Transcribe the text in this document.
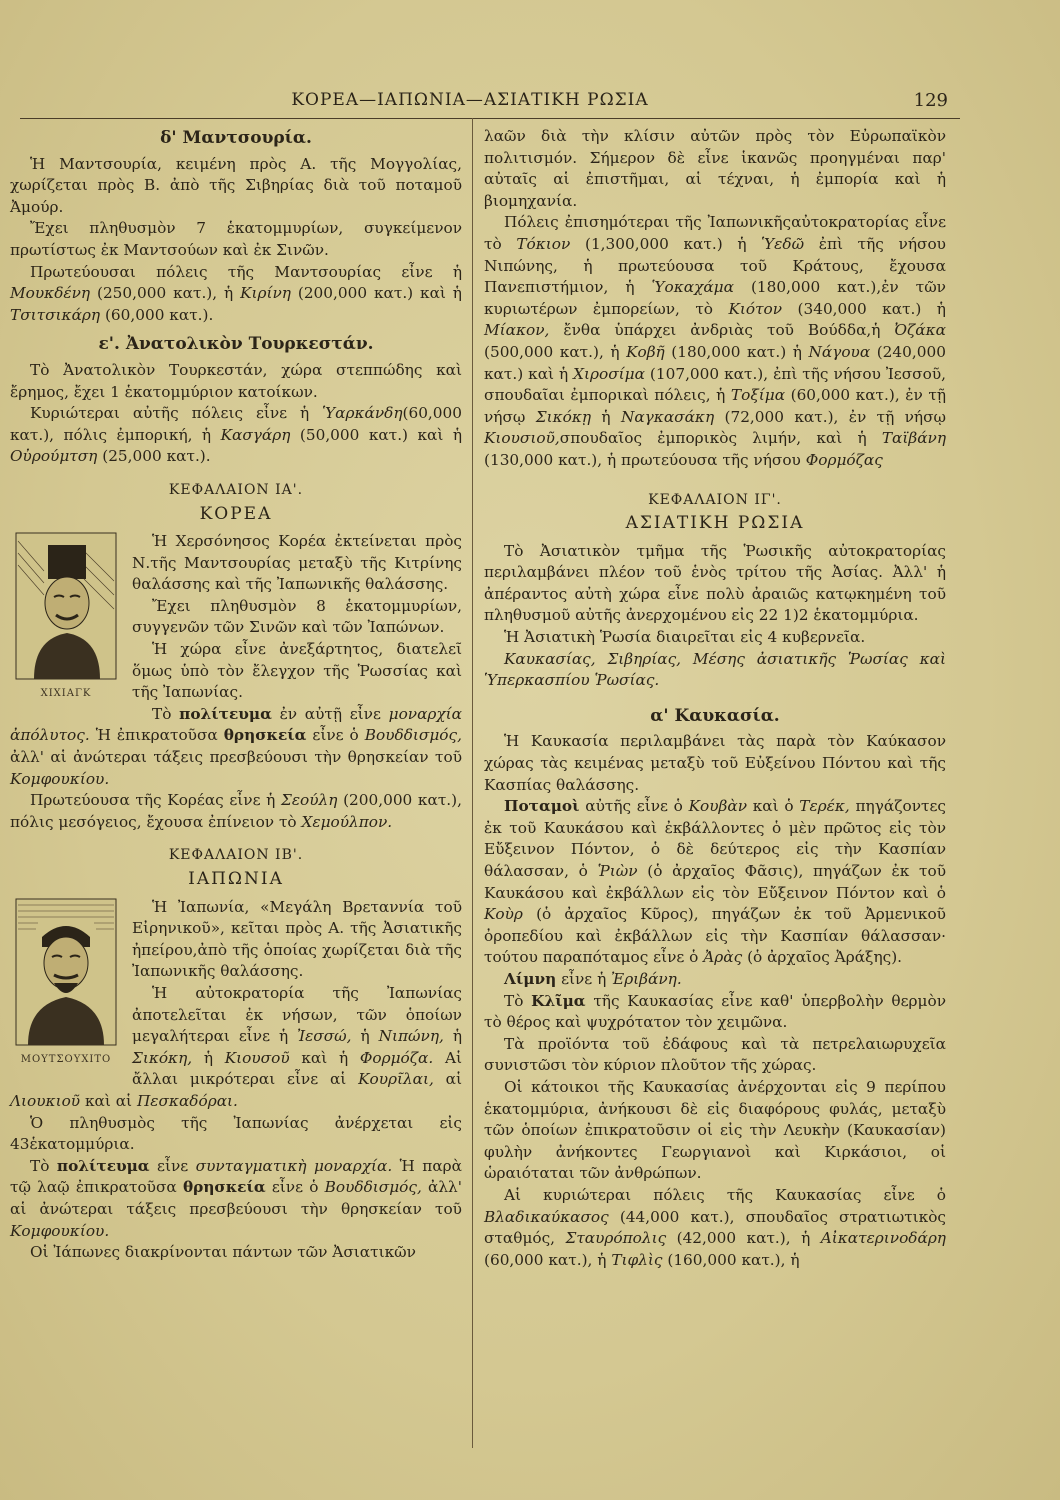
ΚΟΡΕΑ—ΙΑΠΩΝΙΑ—ΑΣΙΑΤΙΚΗ ΡΩΣΙΑ	129
δ' Μαντσουρία.

Ἡ Μαντσουρία, κειμένη πρὸς Α. τῆς Μογγολίας, χωρίζεται πρὸς Β. ἀπὸ τῆς Σιβηρίας διὰ τοῦ ποταμοῦ Ἀμούρ.

Ἔχει πληθυσμὸν 7 ἑκατομμυρίων, συγκείμενον πρωτίστως ἐκ Μαντσούων καὶ ἐκ Σινῶν.

Πρωτεύουσαι πόλεις τῆς Μαντσουρίας εἶνε ἡ Μουκδένη (250,000 κατ.), ἡ Κιρίνη (200,000 κατ.) καὶ ἡ Τσιτσικάρη (60,000 κατ.).

ε'. Ἀνατολικὸν Τουρκεστάν.

Τὸ Ἀνατολικὸν Τουρκεστάν, χώρα στεππώδης καὶ ἔρημος, ἔχει 1 ἑκατομμύριον κατοίκων.

Κυριώτεραι αὐτῆς πόλεις εἶνε ἡ Ὑαρκάνδη(60,000 κατ.), πόλις ἐμπορική, ἡ Κασγάρη (50,000 κατ.) καὶ ἡ Οὐρούμτση (25,000 κατ.).

ΚΕΦΑΛΑΙΟΝ ΙΑ'.
ΚΟΡΕΑ
ΧΙΧΙΑΓΚ

Ἡ Χερσόνησος Κορέα ἐκτείνεται πρὸς Ν.τῆς Μαντσουρίας μεταξὺ τῆς Κιτρίνης θαλάσσης καὶ τῆς Ἰαπωνικῆς θαλάσσης.

Ἔχει πληθυσμὸν 8 ἑκατομμυρίων, συγγενῶν τῶν Σινῶν καὶ τῶν Ἰαπώνων.

Ἡ χώρα εἶνε ἀνεξάρτητος, διατελεῖ ὅμως ὑπὸ τὸν ἔλεγχον τῆς Ῥωσσίας καὶ τῆς Ἰαπωνίας.

Τὸ πολίτευμα ἐν αὐτῇ εἶνε μοναρχία ἀπόλυτος. Ἡ ἐπικρατοῦσα θρησκεία εἶνε ὁ Βουδδισμός, ἀλλ' αἱ ἀνώτεραι τάξεις πρεσβεύουσι τὴν θρησκείαν τοῦ Κομφουκίου.

Πρωτεύουσα τῆς Κορέας εἶνε ἡ Σεούλη (200,000 κατ.), πόλις μεσόγειος, ἔχουσα ἐπίνειον τὸ Χεμούλπον.

ΚΕΦΑΛΑΙΟΝ ΙΒ'.
ΙΑΠΩΝΙΑ
ΜΟΥΤΣΟΥΧΙΤΟ

Ἡ Ἰαπωνία, «Μεγάλη Βρεταννία τοῦ Εἰρηνικοῦ», κεῖται πρὸς Α. τῆς Ἀσιατικῆς ἠπείρου,ἀπὸ τῆς ὁποίας χωρίζεται διὰ τῆς Ἰαπωνικῆς θαλάσσης.

Ἡ αὐτοκρατορία τῆς Ἰαπωνίας ἀποτελεῖται ἐκ νήσων, τῶν ὁποίων μεγαλήτεραι εἶνε ἡ Ἰεσσώ, ἡ Νιπώνη, ἡ Σικόκη, ἡ Κιουσοῦ καὶ ἡ Φορμόζα. Αἱ ἄλλαι μικρότεραι εἶνε αἱ Κουρῖλαι, αἱ Λιουκιοῦ καὶ αἱ Πεσκαδόραι.

Ὁ πληθυσμὸς τῆς Ἰαπωνίας ἀνέρχεται εἰς 43ἑκατομμύρια.

Τὸ πολίτευμα εἶνε συνταγματικὴ μοναρχία. Ἡ παρὰ τῷ λαῷ ἐπικρατοῦσα θρησκεία εἶνε ὁ Βουδδισμός, ἀλλ' αἱ ἀνώτεραι τάξεις πρεσβεύουσι τὴν θρησκείαν τοῦ Κομφουκίου.

Οἱ Ἰάπωνες διακρίνονται πάντων τῶν Ἀσιατικῶν

λαῶν διὰ τὴν κλίσιν αὐτῶν πρὸς τὸν Εὐρωπαϊκὸν πολιτισμόν. Σήμερον δὲ εἶνε ἱκανῶς προηγμέναι παρ' αὐταῖς αἱ ἐπιστῆμαι, αἱ τέχναι, ἡ ἐμπορία καὶ ἡ βιομηχανία.

Πόλεις ἐπισημότεραι τῆς Ἰαπωνικῆςαὐτοκρατορίας εἶνε τὸ Τόκιον (1,300,000 κατ.) ἡ Ὑεδῶ ἐπὶ τῆς νήσου Νιπώνης, ἡ πρωτεύουσα τοῦ Κράτους, ἔχουσα Πανεπιστήμιον, ἡ Ὑοκαχάμα (180,000 κατ.),ἐν τῶν κυριωτέρων ἐμπορείων, τὸ Κιότον (340,000 κατ.) ἡ Μίακον, ἔνθα ὑπάρχει ἀνδριὰς τοῦ Βούδδα,ἡ Ὀζάκα (500,000 κατ.), ἡ Κοβῆ (180,000 κατ.) ἡ Νάγουα (240,000 κατ.) καὶ ἡ Χιροσίμα (107,000 κατ.), ἐπὶ τῆς νήσου Ἰεσσοῦ, σπουδαῖαι ἐμπορικαὶ πόλεις, ἡ Τοξίμα (60,000 κατ.), ἐν τῇ νήσῳ Σικόκῃ ἡ Ναγκασάκη (72,000 κατ.), ἐν τῇ νήσῳ Κιουσιοῦ,σπουδαῖος ἐμπορικὸς λιμήν, καὶ ἡ Ταϊβάνη (130,000 κατ.), ἡ πρωτεύουσα τῆς νήσου Φορμόζας

ΚΕΦΑΛΑΙΟΝ ΙΓ'.
ΑΣΙΑΤΙΚΗ ΡΩΣΙΑ

Τὸ Ἀσιατικὸν τμῆμα τῆς Ῥωσικῆς αὐτοκρατορίας περιλαμβάνει πλέον τοῦ ἑνὸς τρίτου τῆς Ἀσίας. Ἀλλ' ἡ ἀπέραντος αὐτὴ χώρα εἶνε πολὺ ἀραιῶς κατῳκημένη τοῦ πληθυσμοῦ αὐτῆς ἀνερχομένου εἰς 22 1)2 ἑκατομμύρια.

Ἡ Ἀσιατικὴ Ῥωσία διαιρεῖται εἰς 4 κυβερνεῖα.

Καυκασίας, Σιβηρίας, Μέσης ἀσιατικῆς Ῥωσίας καὶ Ὑπερκασπίου Ῥωσίας.

α' Καυκασία.

Ἡ Καυκασία περιλαμβάνει τὰς παρὰ τὸν Καύκασον χώρας τὰς κειμένας μεταξὺ τοῦ Εὐξείνου Πόντου καὶ τῆς Κασπίας θαλάσσης.

Ποταμοὶ αὐτῆς εἶνε ὁ Κουβὰν καὶ ὁ Τερέκ, πηγάζοντες ἐκ τοῦ Καυκάσου καὶ ἐκβάλλοντες ὁ μὲν πρῶτος εἰς τὸν Εὔξεινον Πόντον, ὁ δὲ δεύτερος εἰς τὴν Κασπίαν θάλασσαν, ὁ Ῥιὼν (ὁ ἀρχαῖος Φᾶσις), πηγάζων ἐκ τοῦ Καυκάσου καὶ ἐκβάλλων εἰς τὸν Εὔξεινον Πόντον καὶ ὁ Κοὺρ (ὁ ἀρχαῖος Κῦρος), πηγάζων ἐκ τοῦ Ἀρμενικοῦ ὀροπεδίου καὶ ἐκβάλλων εἰς τὴν Κασπίαν θάλασσαν· τούτου παραπόταμος εἶνε ὁ Ἀρὰς (ὁ ἀρχαῖος Ἀράξης).

Λίμνη εἶνε ἡ Ἐριβάνη.

Τὸ Κλῖμα τῆς Καυκασίας εἶνε καθ' ὑπερβολὴν θερμὸν τὸ θέρος καὶ ψυχρότατον τὸν χειμῶνα.

Τὰ προϊόντα τοῦ ἐδάφους καὶ τὰ πετρελαιωρυχεῖα συνιστῶσι τὸν κύριον πλοῦτον τῆς χώρας.

Οἱ κάτοικοι τῆς Καυκασίας ἀνέρχονται εἰς 9 περίπου ἑκατομμύρια, ἀνήκουσι δὲ εἰς διαφόρους φυλάς, μεταξὺ τῶν ὁποίων ἐπικρατοῦσιν οἱ εἰς τὴν Λευκὴν (Καυκασίαν) φυλὴν ἀνήκοντες Γεωργιανοὶ καὶ Κιρκάσιοι, οἱ ὡραιόταται τῶν ἀνθρώπων.

Αἱ κυριώτεραι πόλεις τῆς Καυκασίας εἶνε ὁ Βλαδικαύκασος (44,000 κατ.), σπουδαῖος στρατιωτικὸς σταθμός, Σταυρόπολις (42,000 κατ.), ἡ Αἰκατερινοδάρη (60,000 κατ.), ἡ Τιφλὶς (160,000 κατ.), ἡ
